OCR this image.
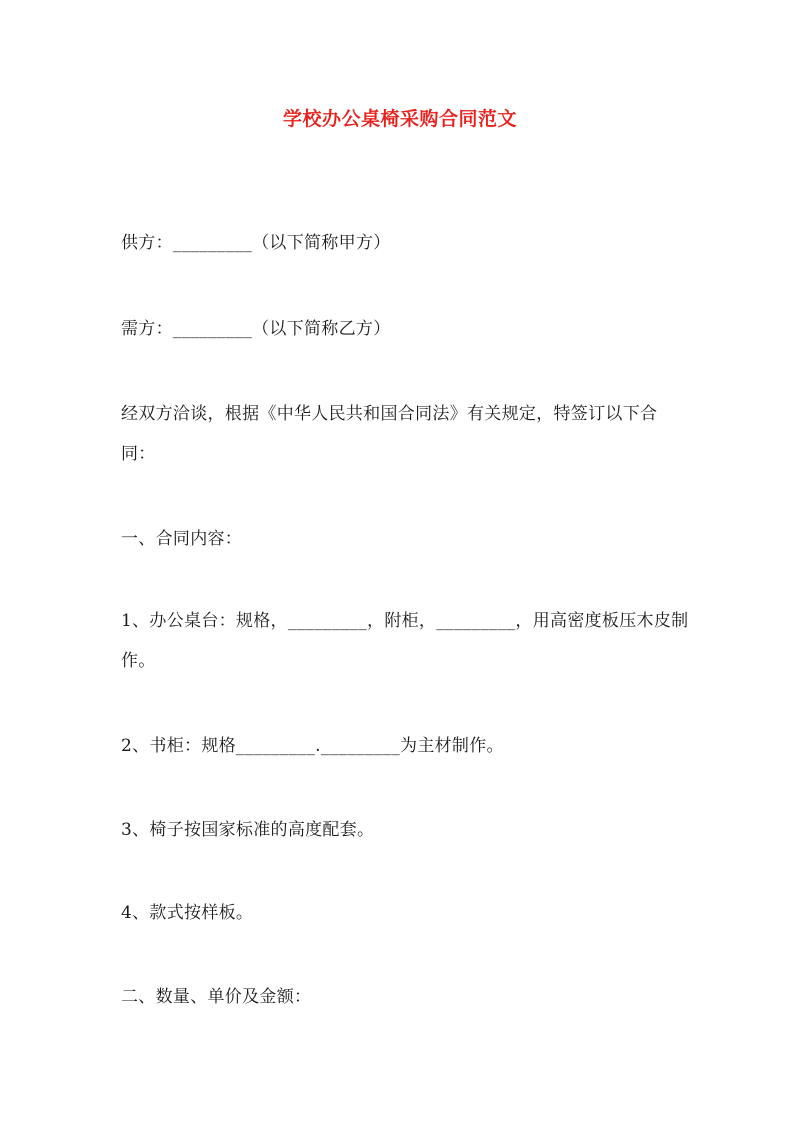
学校办公桌椅采购合同范文

供方：_________（以下简称甲方）

需方：_________（以下简称乙方）

经双方洽谈，根据《中华人民共和国合同法》有关规定，特签订以下合同：

一、合同内容：

1、办公桌台：规格，_________，附柜，_________，用高密度板压木皮制作。

2、书柜：规格_________._________为主材制作。

3、椅子按国家标准的高度配套。

4、款式按样板。

二、数量、单价及金额：
